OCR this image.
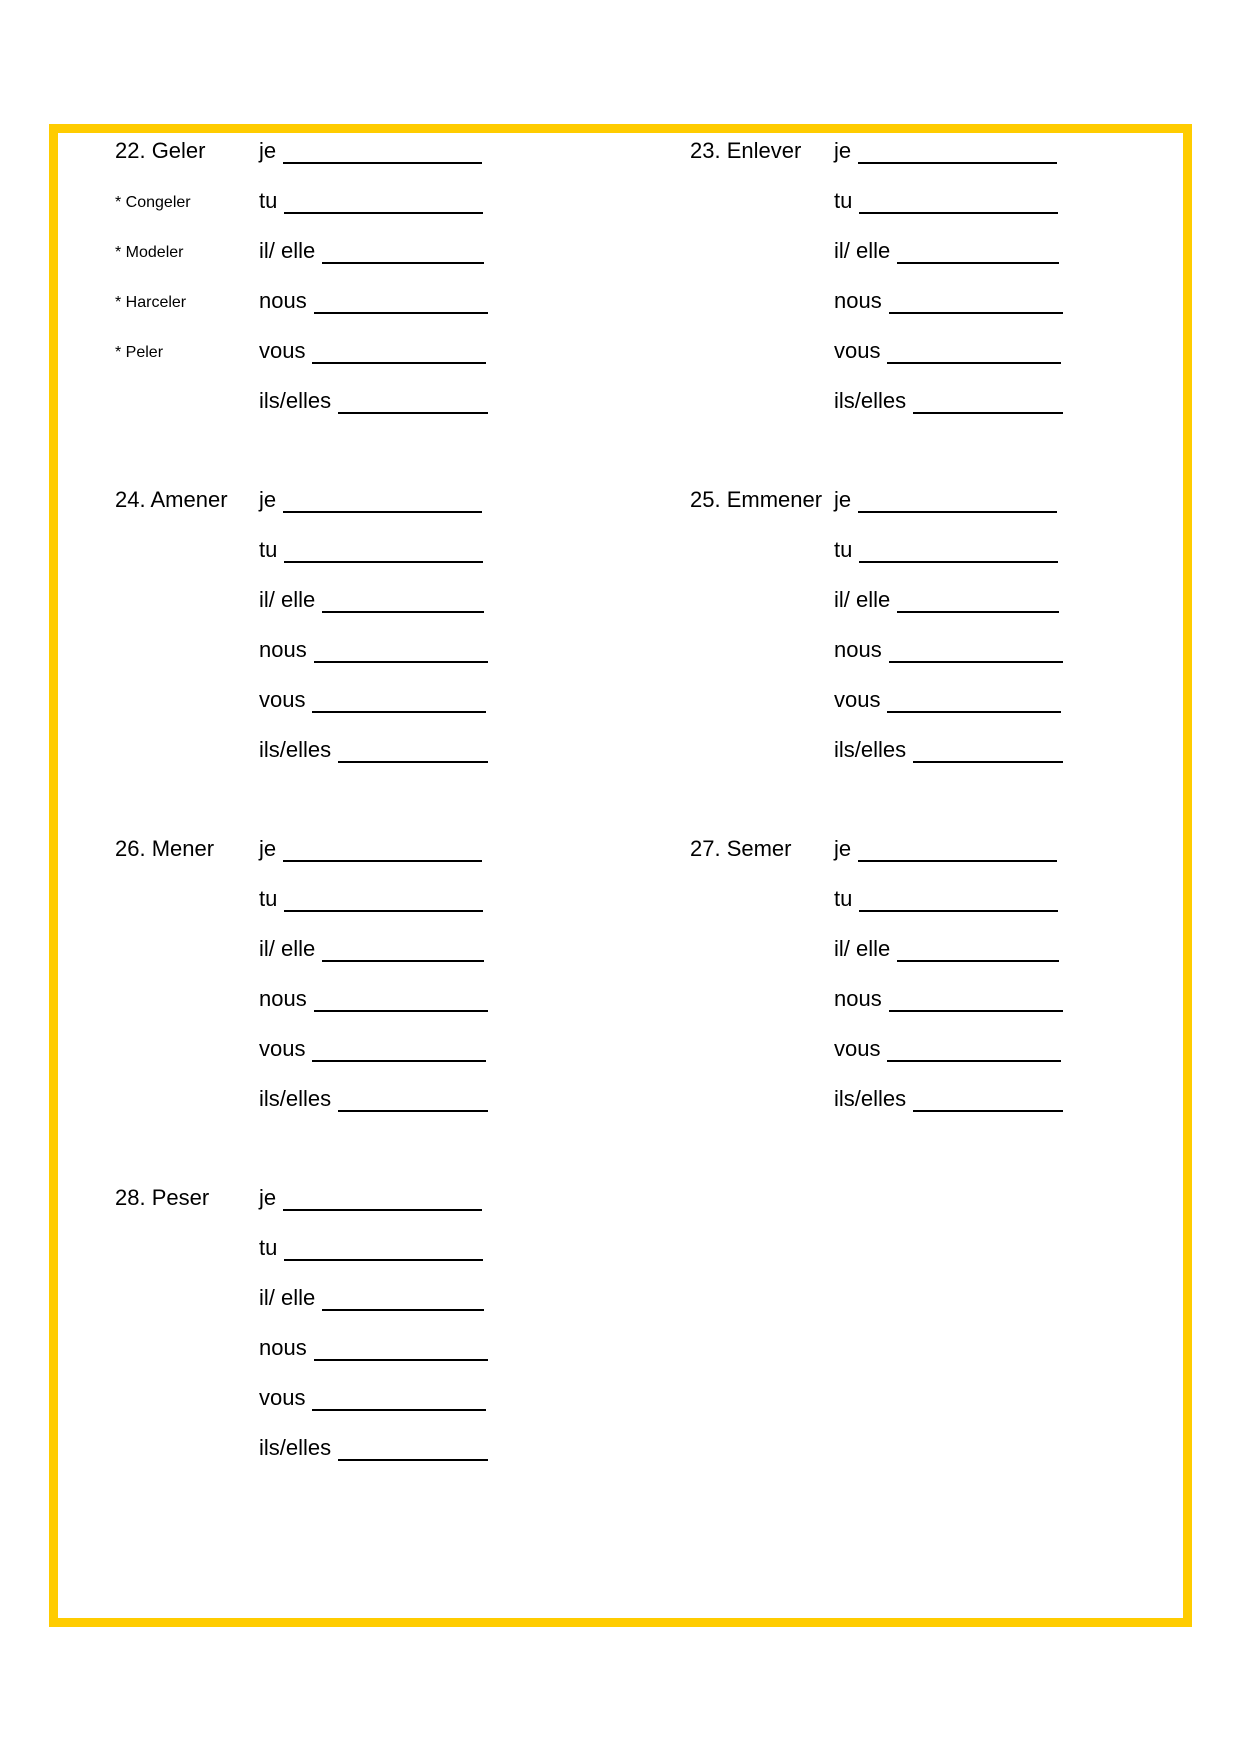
22. Geler
* Congeler
* Modeler
* Harceler
* Peler
je
tu
il/ elle
nous
vous
ils/elles
23. Enlever je
tu
il/ elle
nous
vous
ils/elles
24. Amener je
tu
il/ elle
nous
vous
ils/elles
25. Emmener je
tu
il/ elle
nous
vous
ils/elles
26. Mener je
tu
il/ elle
nous
vous
ils/elles
27. Semer je
tu
il/ elle
nous
vous
ils/elles
28. Peser je
tu
il/ elle
nous
vous
ils/elles
